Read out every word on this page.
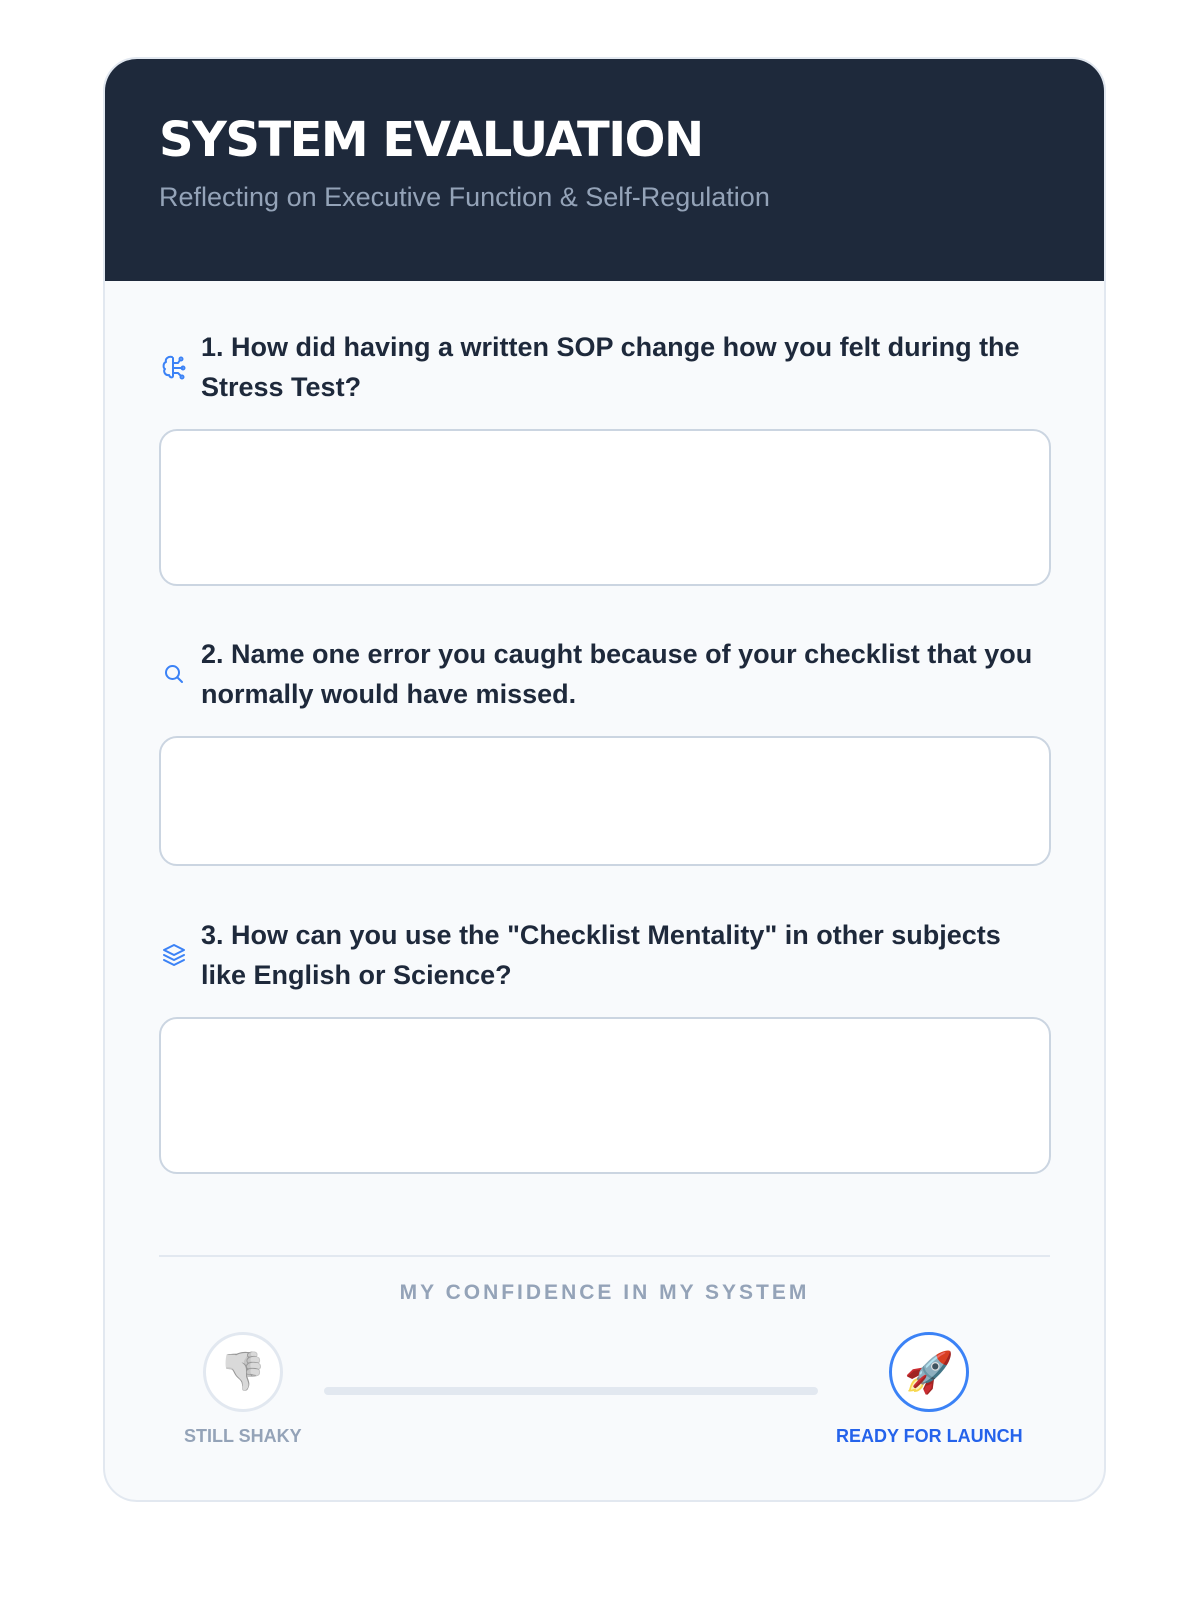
SYSTEM EVALUATION
Reflecting on Executive Function & Self-Regulation
1. How did having a written SOP change how you felt during the Stress Test?
2. Name one error you caught because of your checklist that you normally would have missed.
3. How can you use the "Checklist Mentality" in other subjects like English or Science?
MY CONFIDENCE IN MY SYSTEM
👎
STILL SHAKY
🚀
READY FOR LAUNCH
